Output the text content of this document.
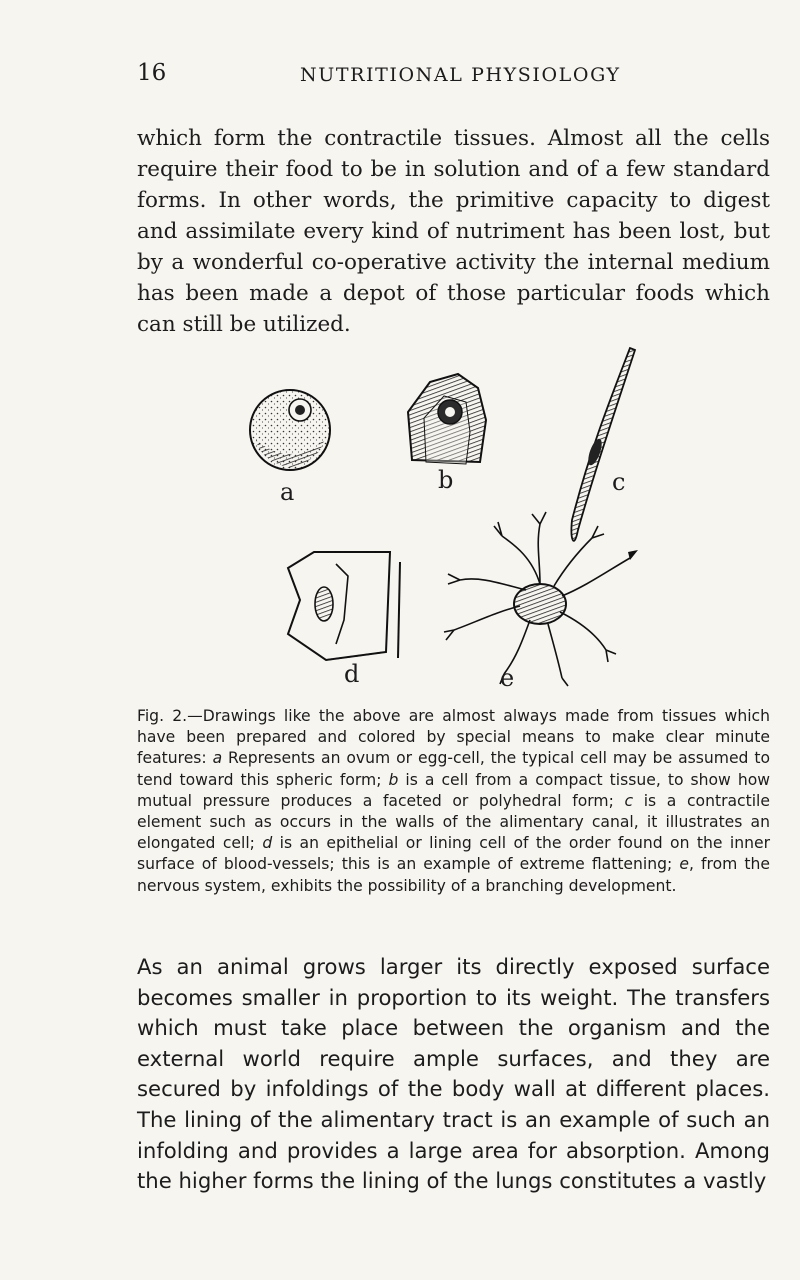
16	NUTRITIONAL PHYSIOLOGY

which form the contractile tissues. Almost all the cells require their food to be in solution and of a few standard forms. In other words, the primitive capacity to digest and assimilate every kind of nutriment has been lost, but by a wonderful co-operative activity the internal medium has been made a depot of those particular foods which can still be utilized.

a	b	c
d	e

Fig. 2.—Drawings like the above are almost always made from tissues which have been prepared and colored by special means to make clear minute features: a Represents an ovum or egg-cell, the typical cell may be assumed to tend toward this spheric form; b is a cell from a compact tissue, to show how mutual pressure produces a faceted or polyhedral form; c is a contractile element such as occurs in the walls of the alimentary canal, it illustrates an elongated cell; d is an epithelial or lining cell of the order found on the inner surface of blood-vessels; this is an example of extreme flattening; e, from the nervous system, exhibits the possibility of a branching development.

As an animal grows larger its directly exposed surface becomes smaller in proportion to its weight. The transfers which must take place between the organism and the external world require ample surfaces, and they are secured by infoldings of the body wall at different places. The lining of the alimentary tract is an example of such an infolding and provides a large area for absorption. Among the higher forms the lining of the lungs constitutes a vastly
